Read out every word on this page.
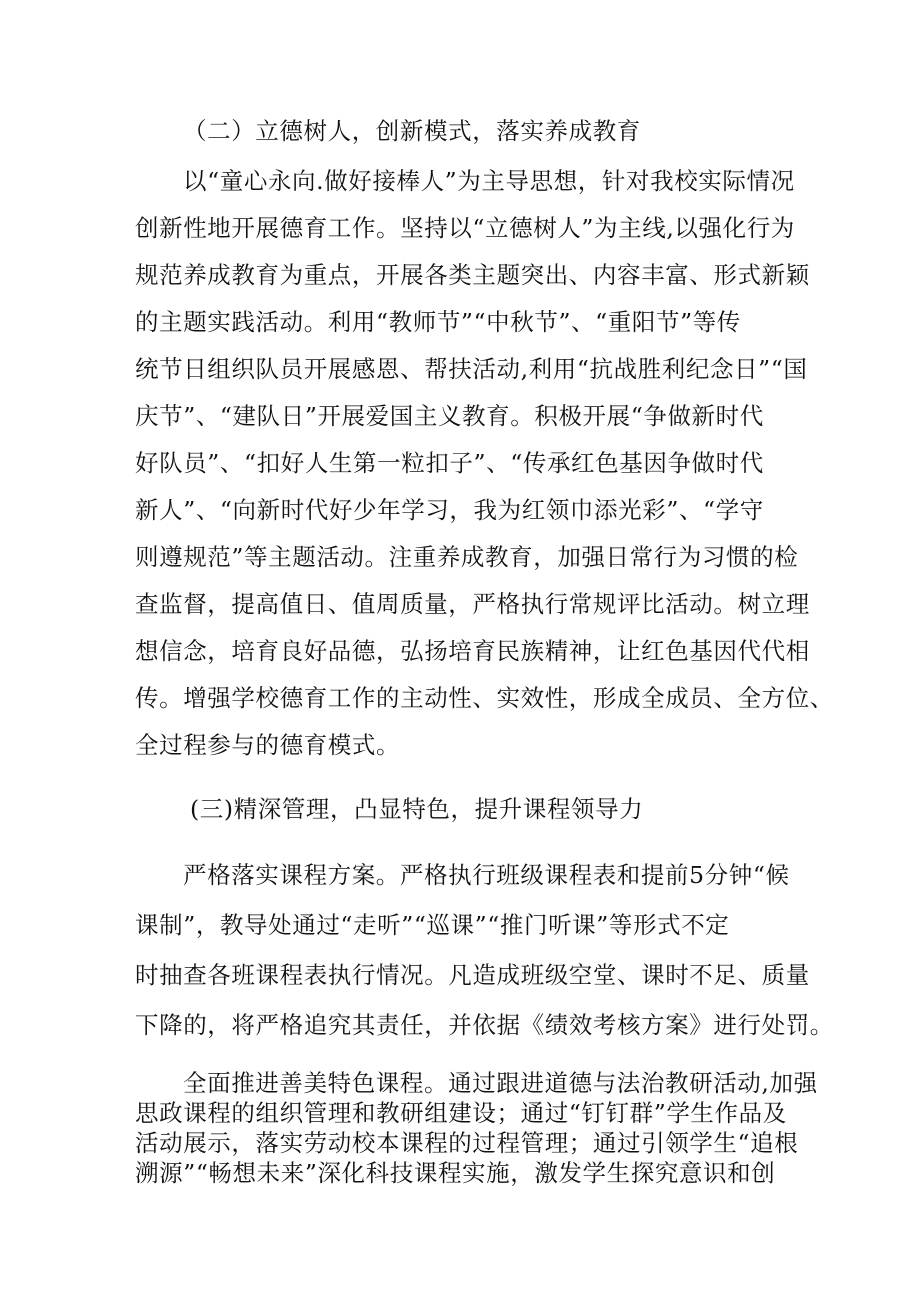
（二）立德树人，创新模式，落实养成教育
以“童心永向.做好接棒人”为主导思想，针对我校实际情况
创新性地开展德育工作。坚持以“立德树人”为主线,以强化行为
规范养成教育为重点，开展各类主题突出、内容丰富、形式新颖
的主题实践活动。利用“教师节”“中秋节”、“重阳节”等传
统节日组织队员开展感恩、帮扶活动,利用“抗战胜利纪念日”“国
庆节”、“建队日”开展爱国主义教育。积极开展“争做新时代
好队员”、“扣好人生第一粒扣子”、“传承红色基因争做时代
新人”、“向新时代好少年学习，我为红领巾添光彩”、“学守
则遵规范”等主题活动。注重养成教育，加强日常行为习惯的检
查监督，提高值日、值周质量，严格执行常规评比活动。树立理
想信念，培育良好品德，弘扬培育民族精神，让红色基因代代相
传。增强学校德育工作的主动性、实效性，形成全成员、全方位、
全过程参与的德育模式。
(三)精深管理，凸显特色，提升课程领导力
严格落实课程方案。严格执行班级课程表和提前5分钟“候
课制”，教导处通过“走听”“巡课”“推门听课”等形式不定
时抽查各班课程表执行情况。凡造成班级空堂、课时不足、质量
下降的，将严格追究其责任，并依据《绩效考核方案》进行处罚。
全面推进善美特色课程。通过跟进道德与法治教研活动,加强
思政课程的组织管理和教研组建设；通过“钉钉群”学生作品及
活动展示，落实劳动校本课程的过程管理；通过引领学生“追根
溯源”“畅想未来”深化科技课程实施，激发学生探究意识和创
